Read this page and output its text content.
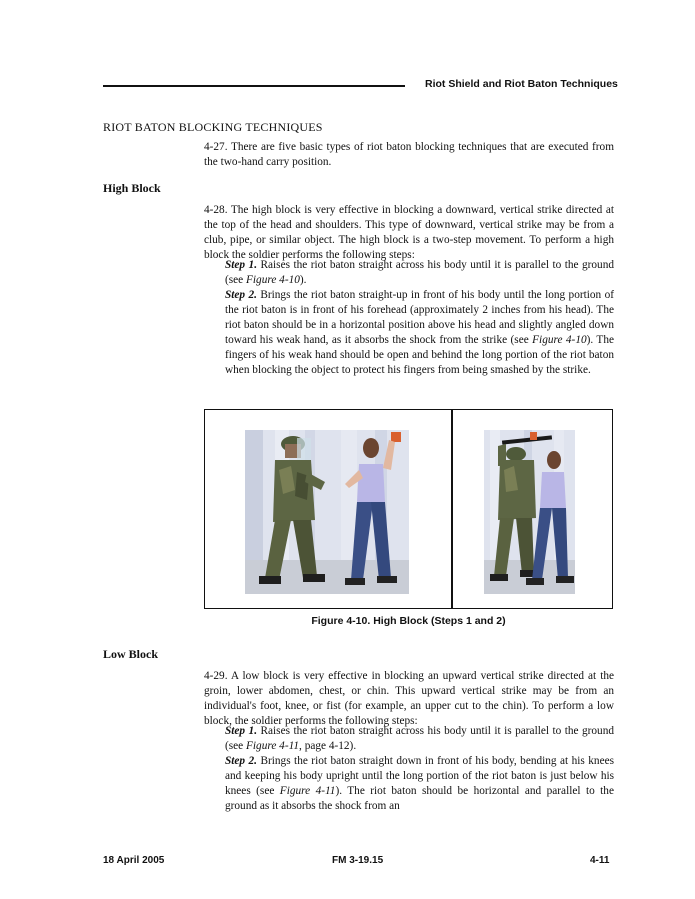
Riot Shield and Riot Baton Techniques
RIOT BATON BLOCKING TECHNIQUES

4-27. There are five basic types of riot baton blocking techniques that are executed from the two-hand carry position.

High Block

4-28. The high block is very effective in blocking a downward, vertical strike directed at the top of the head and shoulders. This type of downward, vertical strike may be from a club, pipe, or similar object. The high block is a two-step movement. To perform a high block the soldier performs the following steps:

Step 1. Raises the riot baton straight across his body until it is parallel to the ground (see Figure 4-10).

Step 2. Brings the riot baton straight-up in front of his body until the long portion of the riot baton is in front of his forehead (approximately 2 inches from his head). The riot baton should be in a horizontal position above his head and slightly angled down toward his weak hand, as it absorbs the shock from the strike (see Figure 4-10). The fingers of his weak hand should be open and behind the long portion of the riot baton when blocking the object to protect his fingers from being smashed by the strike.

Figure 4-10. High Block (Steps 1 and 2)
Low Block

4-29. A low block is very effective in blocking an upward vertical strike directed at the groin, lower abdomen, chest, or chin. This upward vertical strike may be from an individual's foot, knee, or fist (for example, an upper cut to the chin). To perform a low block, the soldier performs the following steps:

Step 1. Raises the riot baton straight across his body until it is parallel to the ground (see Figure 4-11, page 4-12).

Step 2. Brings the riot baton straight down in front of his body, bending at his knees and keeping his body upright until the long portion of the riot baton is just below his knees (see Figure 4-11). The riot baton should be horizontal and parallel to the ground as it absorbs the shock from an

18 April 2005	FM 3-19.15	4-11
